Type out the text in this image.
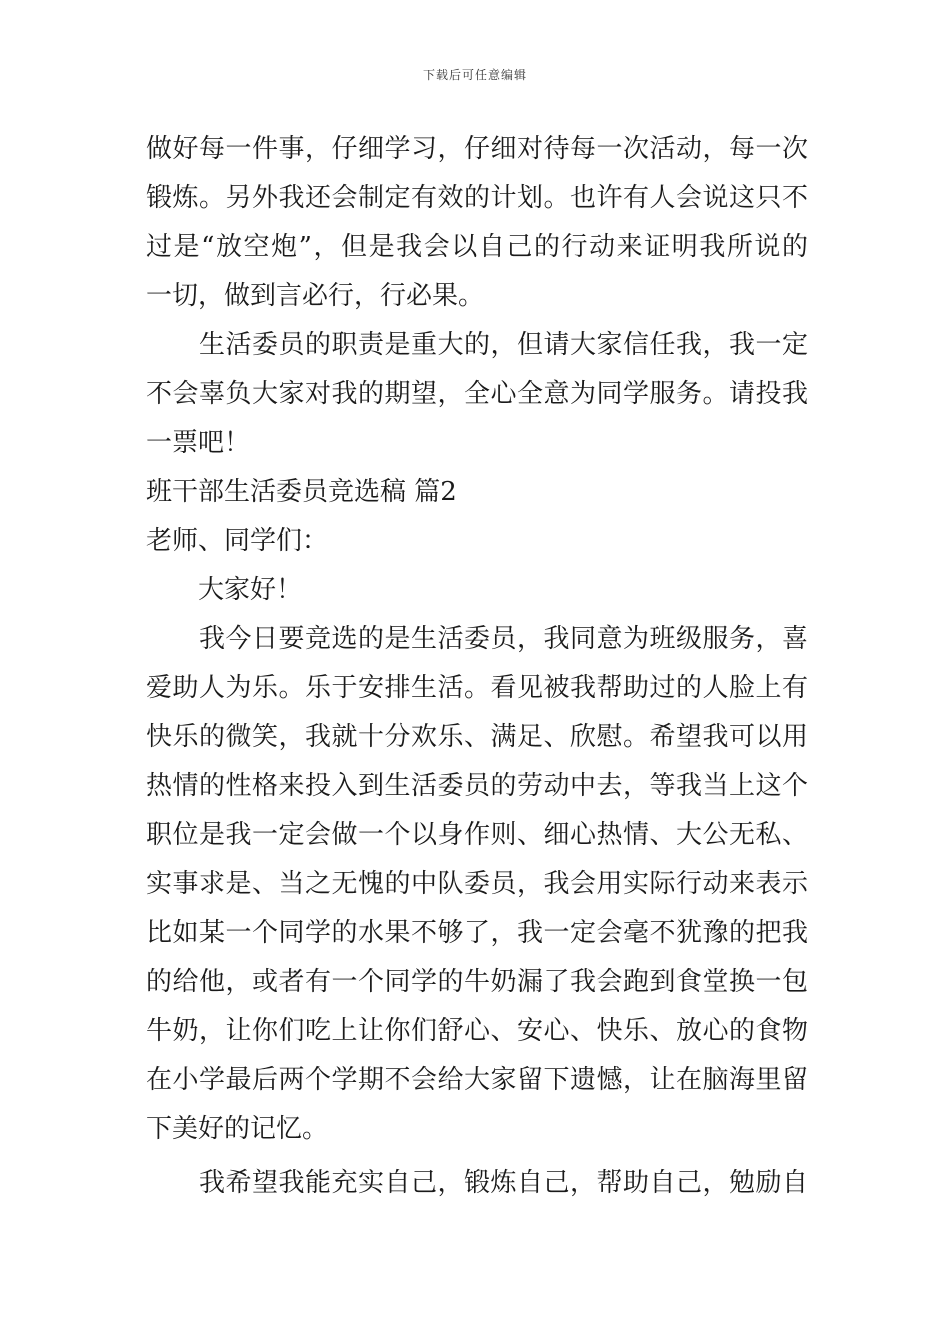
下载后可任意编辑
做好每一件事，仔细学习，仔细对待每一次活动，每一次
锻炼。另外我还会制定有效的计划。也许有人会说这只不
过是“放空炮”，但是我会以自己的行动来证明我所说的
一切，做到言必行，行必果。
　　生活委员的职责是重大的，但请大家信任我，我一定
不会辜负大家对我的期望，全心全意为同学服务。请投我
一票吧！
班干部生活委员竞选稿 篇2
老师、同学们：
　　大家好！
　　我今日要竞选的是生活委员，我同意为班级服务，喜
爱助人为乐。乐于安排生活。看见被我帮助过的人脸上有
快乐的微笑，我就十分欢乐、满足、欣慰。希望我可以用
热情的性格来投入到生活委员的劳动中去，等我当上这个
职位是我一定会做一个以身作则、细心热情、大公无私、
实事求是、当之无愧的中队委员，我会用实际行动来表示
比如某一个同学的水果不够了，我一定会毫不犹豫的把我
的给他，或者有一个同学的牛奶漏了我会跑到食堂换一包
牛奶，让你们吃上让你们舒心、安心、快乐、放心的食物
在小学最后两个学期不会给大家留下遗憾，让在脑海里留
下美好的记忆。
　　我希望我能充实自己，锻炼自己，帮助自己，勉励自
